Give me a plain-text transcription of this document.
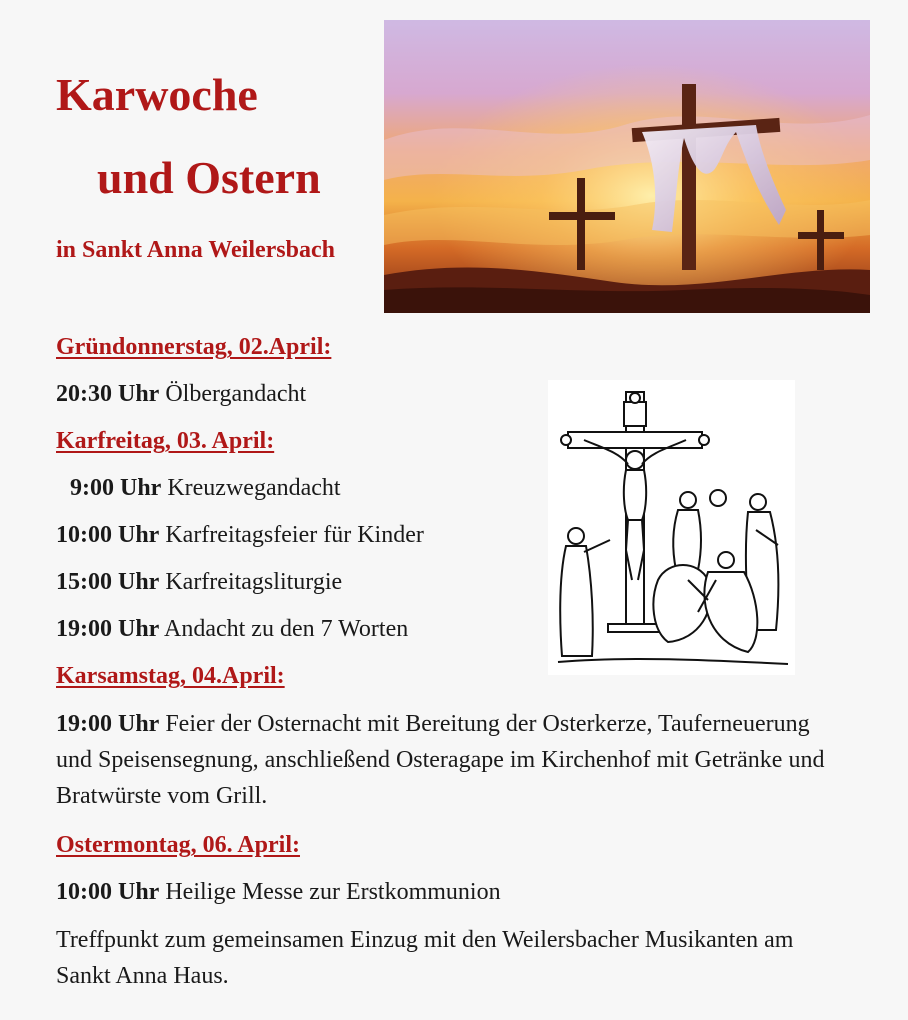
Karwoche
und Ostern
in Sankt Anna Weilersbach
Gründonnerstag, 02.April:
20:30 Uhr Ölbergandacht
Karfreitag, 03. April:
9:00 Uhr Kreuzwegandacht
10:00 Uhr Karfreitagsfeier für Kinder
15:00 Uhr Karfreitagsliturgie
19:00 Uhr Andacht zu den 7 Worten
Karsamstag, 04.April:
19:00 Uhr Feier der Osternacht mit Bereitung der Osterkerze, Tauferneuerung und Speisensegnung, anschließend Osteragape im Kirchenhof mit Getränke und Bratwürste vom Grill.
Ostermontag, 06. April:
10:00 Uhr Heilige Messe zur Erstkommunion
Treffpunkt zum gemeinsamen Einzug mit den Weilersbacher Musikanten am Sankt Anna Haus.
